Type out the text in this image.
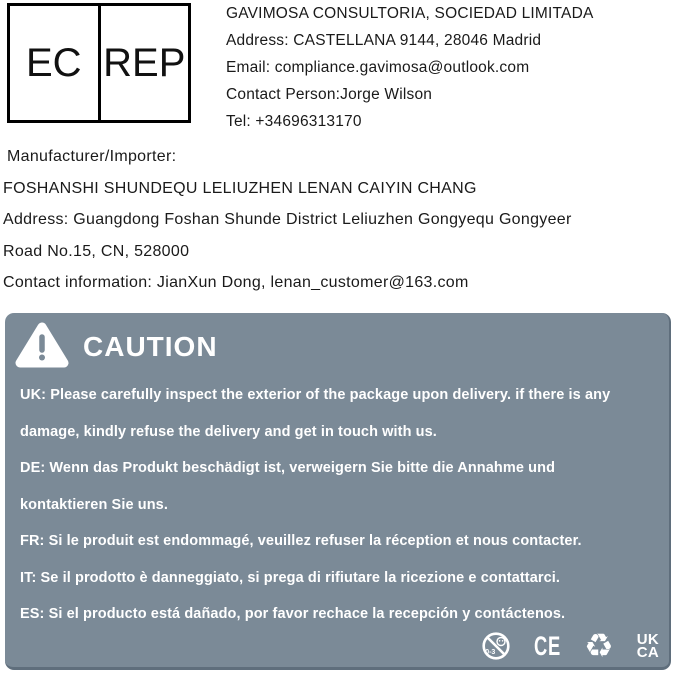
EC REP
GAVIMOSA CONSULTORIA, SOCIEDAD LIMITADA
Address: CASTELLANA 9144, 28046 Madrid
Email: compliance.gavimosa@outlook.com
Contact Person:Jorge Wilson
Tel: +34696313170
Manufacturer/Importer:
FOSHANSHI SHUNDEQU LELIUZHEN LENAN CAIYIN CHANG
Address: Guangdong Foshan Shunde District Leliuzhen Gongyequ Gongyeer
Road No.15, CN, 528000
Contact information: JianXun Dong, lenan_customer@163.com
CAUTION
UK: Please carefully inspect the exterior of the package upon delivery. if there is any
damage, kindly refuse the delivery and get in touch with us.
DE: Wenn das Produkt beschädigt ist, verweigern Sie bitte die Annahme und
kontaktieren Sie uns.
FR: Si le produit est endommagé, veuillez refuser la réception et nous contacter.
IT: Se il prodotto è danneggiato, si prega di rifiutare la ricezione e contattarci.
ES: Si el producto está dañado, por favor rechace la recepción y contáctenos.
0-3 CE ♻ UK
CA
